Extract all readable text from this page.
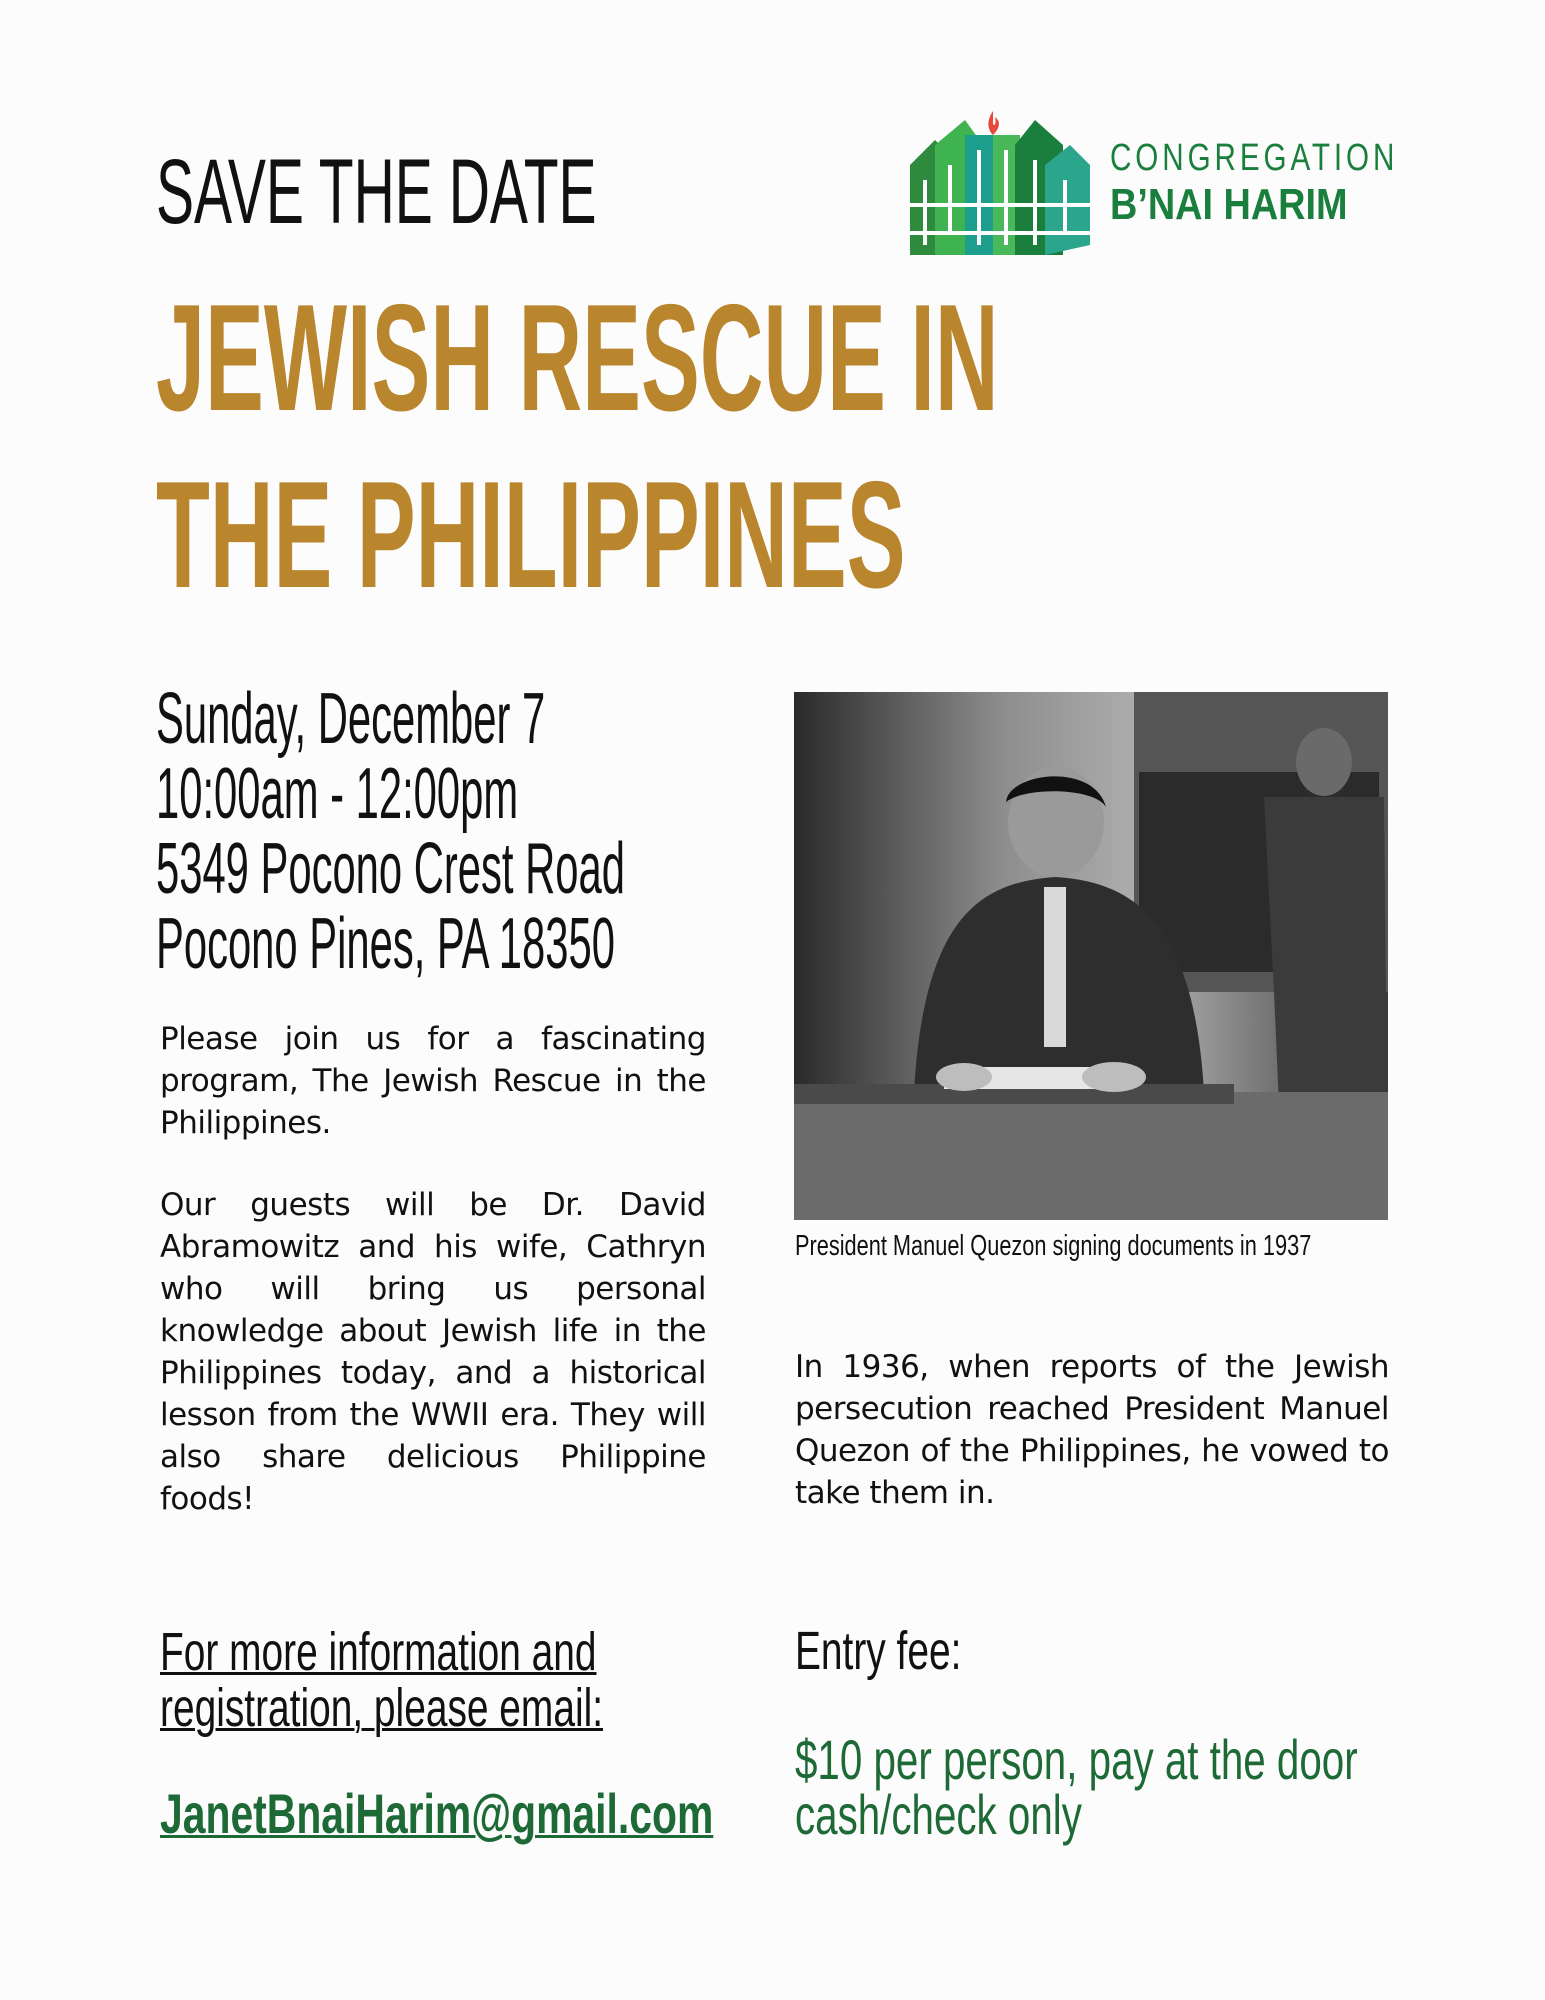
SAVE THE DATE	CONGREGATION
B’NAI HARIM
JEWISH RESCUE IN
THE PHILIPPINES
Sunday, December 7
10:00am - 12:00pm
5349 Pocono Crest Road
Pocono Pines, PA 18350

Please join us for a fascinating program, The Jewish Rescue in the Philippines.

Our guests will be Dr. David Abramowitz and his wife, Cathryn who will bring us personal knowledge about Jewish life in the Philippines today, and a historical lesson from the WWII era. They will also share delicious Philippine foods!

President Manuel Quezon signing documents in 1937

In 1936, when reports of the Jewish persecution reached President Manuel Quezon of the Philippines, he vowed to take them in.

For more information and
registration, please email:
JanetBnaiHarim@gmail.com
Entry fee:
$10 per person, pay at the door
cash/check only
